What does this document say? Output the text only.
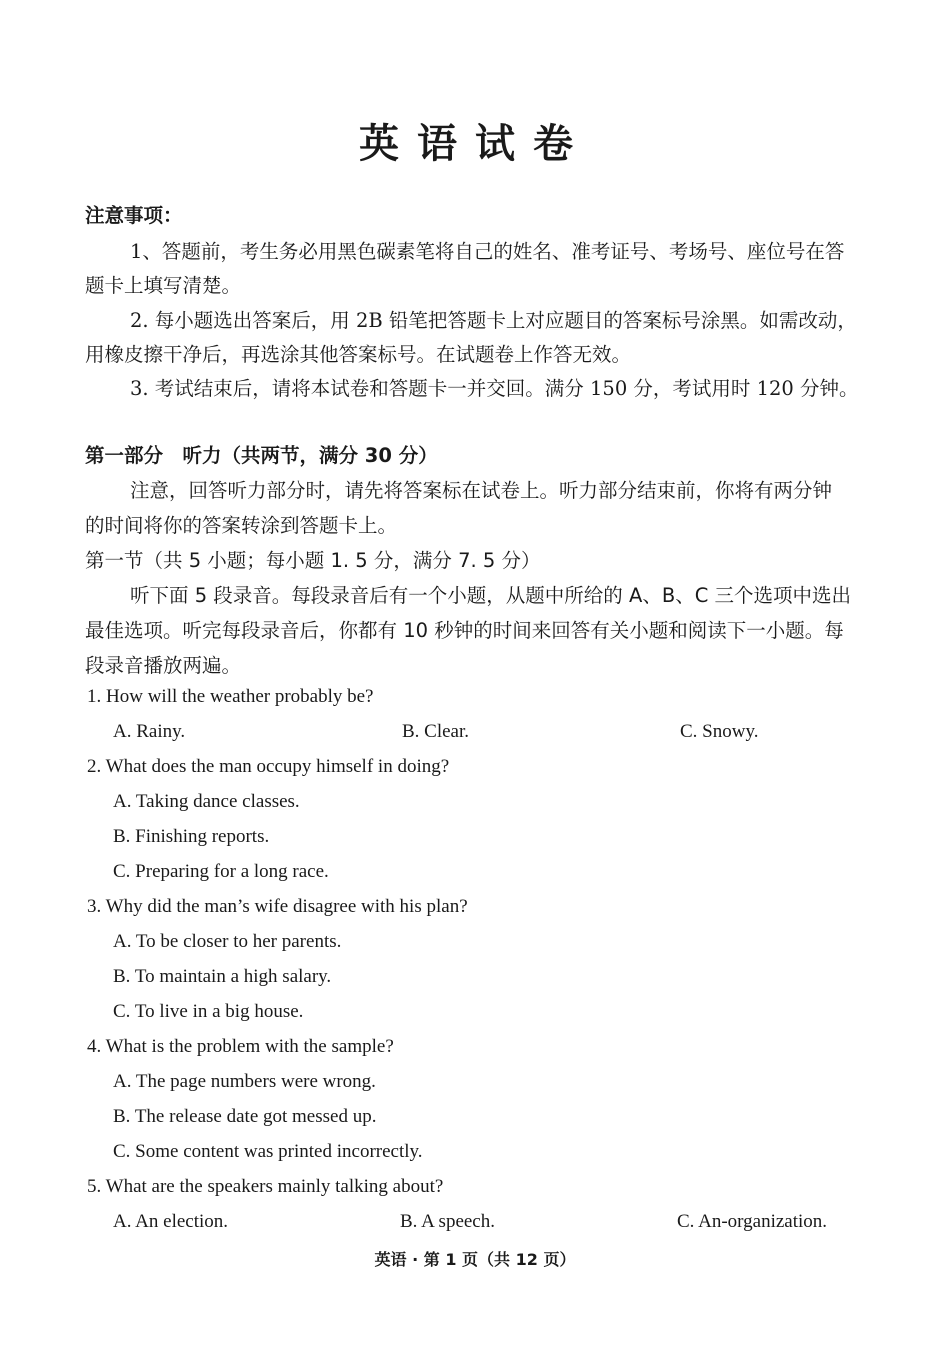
英语试卷
注意事项：
1、答题前，考生务必用黑色碳素笔将自己的姓名、准考证号、考场号、座位号在答
题卡上填写清楚。
2. 每小题选出答案后，用 2B 铅笔把答题卡上对应题目的答案标号涂黑。如需改动，
用橡皮擦干净后，再选涂其他答案标号。在试题卷上作答无效。
3. 考试结束后，请将本试卷和答题卡一并交回。满分 150 分，考试用时 120 分钟。
第一部分　听力（共两节，满分 30 分）
注意，回答听力部分时，请先将答案标在试卷上。听力部分结束前，你将有两分钟
的时间将你的答案转涂到答题卡上。
第一节（共 5 小题；每小题 1. 5 分，满分 7. 5 分）
听下面 5 段录音。每段录音后有一个小题，从题中所给的 A、B、C 三个选项中选出
最佳选项。听完每段录音后，你都有 10 秒钟的时间来回答有关小题和阅读下一小题。每
段录音播放两遍。
1. How will the weather probably be?
A. Rainy.	B. Clear.	C. Snowy.
2. What does the man occupy himself in doing?
A. Taking dance classes.
B. Finishing reports.
C. Preparing for a long race.
3. Why did the man’s wife disagree with his plan?
A. To be closer to her parents.
B. To maintain a high salary.
C. To live in a big house.
4. What is the problem with the sample?
A. The page numbers were wrong.
B. The release date got messed up.
C. Some content was printed incorrectly.
5. What are the speakers mainly talking about?
A. An election.	B. A speech.	C. An-organization.
英语 · 第 1 页（共 12 页）
